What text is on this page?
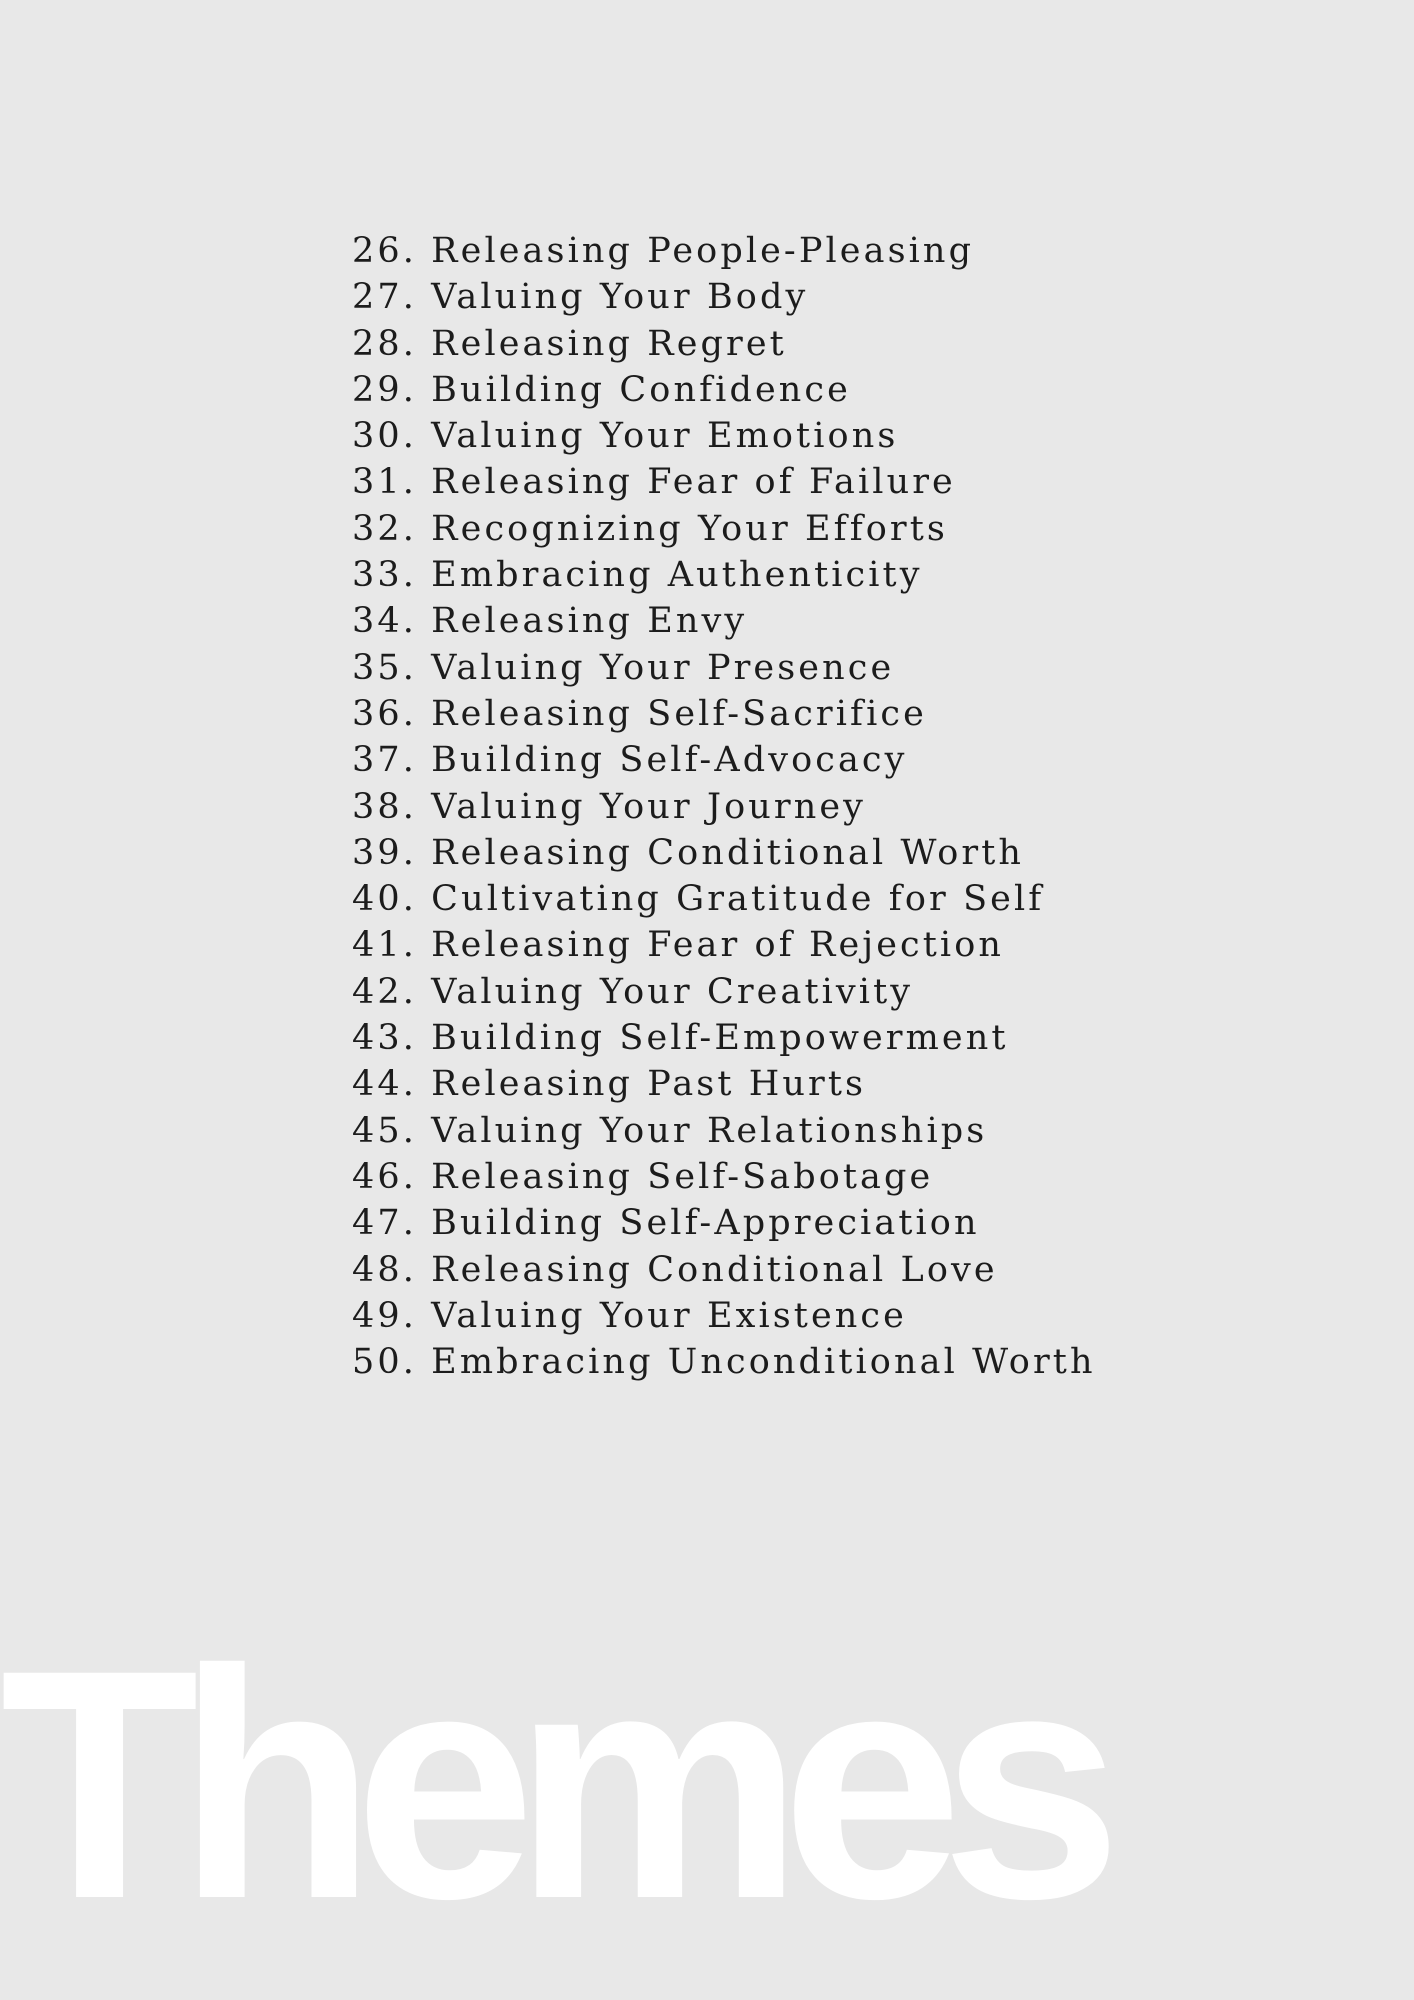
26. Releasing People-Pleasing
27. Valuing Your Body
28. Releasing Regret
29. Building Confidence
30. Valuing Your Emotions
31. Releasing Fear of Failure
32. Recognizing Your Efforts
33. Embracing Authenticity
34. Releasing Envy
35. Valuing Your Presence
36. Releasing Self-Sacrifice
37. Building Self-Advocacy
38. Valuing Your Journey
39. Releasing Conditional Worth
40. Cultivating Gratitude for Self
41. Releasing Fear of Rejection
42. Valuing Your Creativity
43. Building Self-Empowerment
44. Releasing Past Hurts
45. Valuing Your Relationships
46. Releasing Self-Sabotage
47. Building Self-Appreciation
48. Releasing Conditional Love
49. Valuing Your Existence
50. Embracing Unconditional Worth
Themes
